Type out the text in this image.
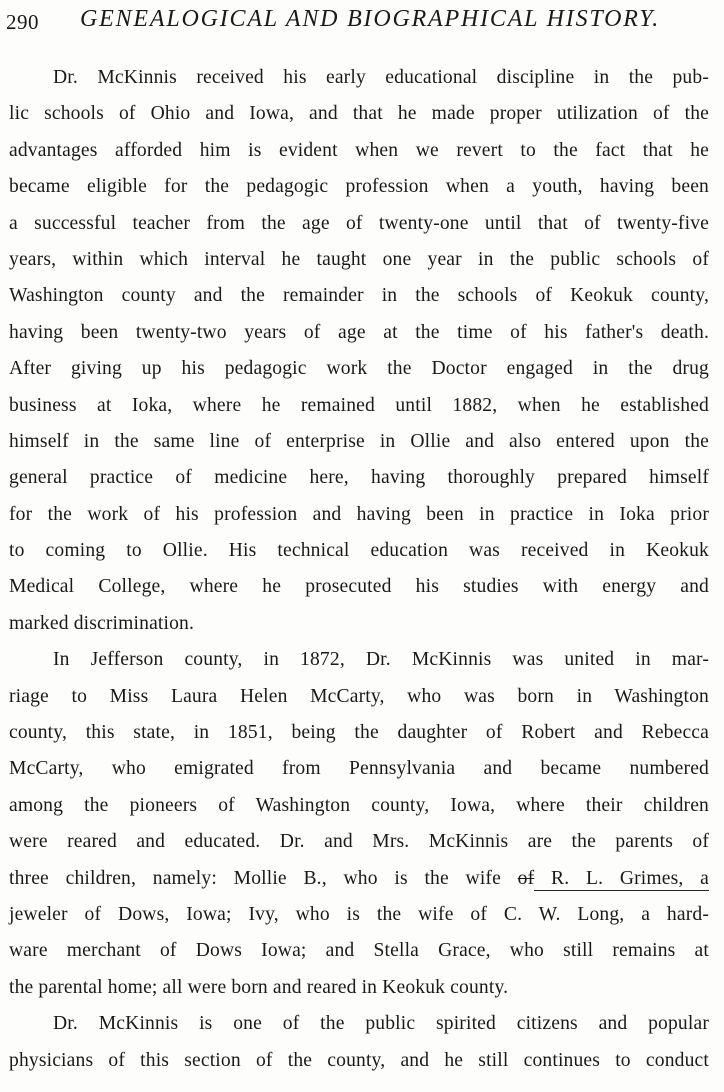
290 GENEALOGICAL AND BIOGRAPHICAL HISTORY.
Dr. McKinnis received his early educational discipline in the pub-
lic schools of Ohio and Iowa, and that he made proper utilization of the
advantages afforded him is evident when we revert to the fact that he
became eligible for the pedagogic profession when a youth, having been
a successful teacher from the age of twenty-one until that of twenty-five
years, within which interval he taught one year in the public schools of
Washington county and the remainder in the schools of Keokuk county,
having been twenty-two years of age at the time of his father's death.
After giving up his pedagogic work the Doctor engaged in the drug
business at Ioka, where he remained until 1882, when he established
himself in the same line of enterprise in Ollie and also entered upon the
general practice of medicine here, having thoroughly prepared himself
for the work of his profession and having been in practice in Ioka prior
to coming to Ollie. His technical education was received in Keokuk
Medical College, where he prosecuted his studies with energy and
marked discrimination.
In Jefferson county, in 1872, Dr. McKinnis was united in mar-
riage to Miss Laura Helen McCarty, who was born in Washington
county, this state, in 1851, being the daughter of Robert and Rebecca
McCarty, who emigrated from Pennsylvania and became numbered
among the pioneers of Washington county, Iowa, where their children
were reared and educated. Dr. and Mrs. McKinnis are the parents of
three children, namely: Mollie B., who is the wife of R. L. Grimes, a
jeweler of Dows, Iowa; Ivy, who is the wife of C. W. Long, a hard-
ware merchant of Dows Iowa; and Stella Grace, who still remains at
the parental home; all were born and reared in Keokuk county.
Dr. McKinnis is one of the public spirited citizens and popular
physicians of this section of the county, and he still continues to conduct
